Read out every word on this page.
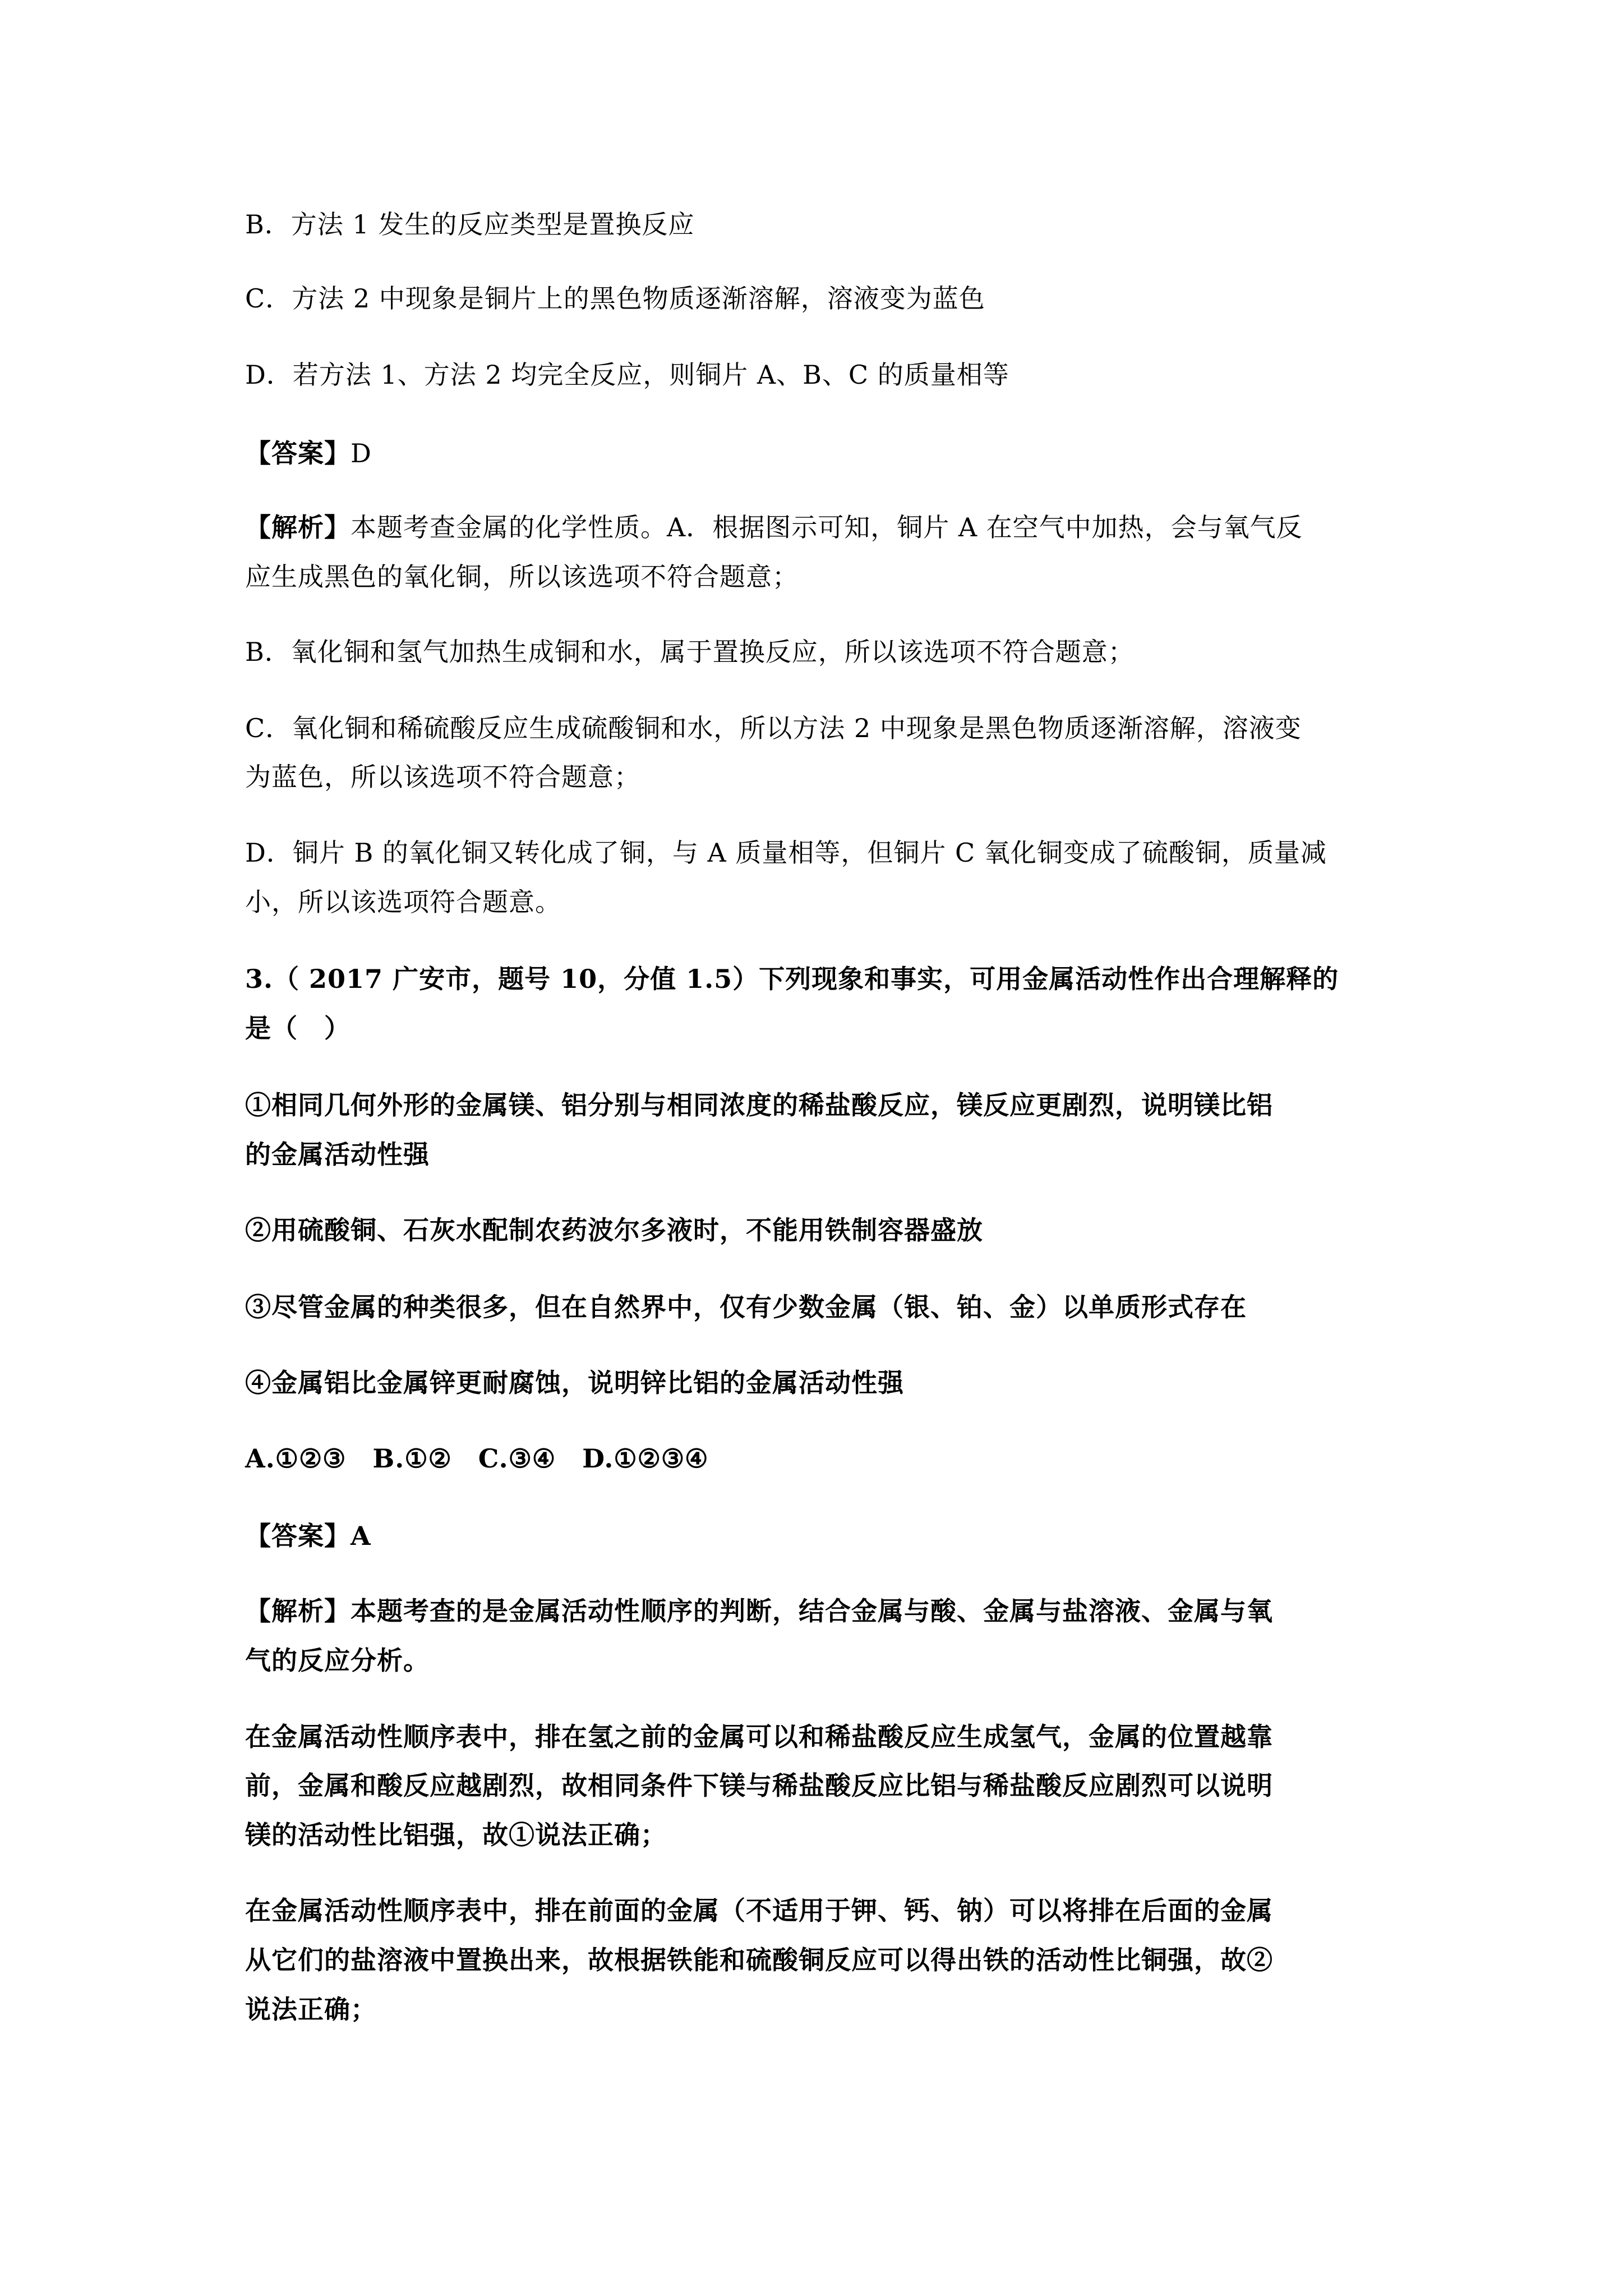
B．方法 1 发生的反应类型是置换反应
C．方法 2 中现象是铜片上的黑色物质逐渐溶解，溶液变为蓝色
D．若方法 1、方法 2 均完全反应，则铜片 A、B、C 的质量相等
【答案】D
【解析】本题考查金属的化学性质。A．根据图示可知，铜片 A 在空气中加热，会与氧气反
应生成黑色的氧化铜，所以该选项不符合题意；
B．氧化铜和氢气加热生成铜和水，属于置换反应，所以该选项不符合题意；
C．氧化铜和稀硫酸反应生成硫酸铜和水，所以方法 2 中现象是黑色物质逐渐溶解，溶液变
为蓝色，所以该选项不符合题意；
D．铜片 B 的氧化铜又转化成了铜，与 A 质量相等，但铜片 C 氧化铜变成了硫酸铜，质量减
小，所以该选项符合题意。
3.（ 2017 广安市，题号 10，分值 1.5）下列现象和事实，可用金属活动性作出合理解释的
是（　）
①相同几何外形的金属镁、铝分别与相同浓度的稀盐酸反应，镁反应更剧烈，说明镁比铝
的金属活动性强
②用硫酸铜、石灰水配制农药波尔多液时，不能用铁制容器盛放
③尽管金属的种类很多，但在自然界中，仅有少数金属（银、铂、金）以单质形式存在
④金属铝比金属锌更耐腐蚀，说明锌比铝的金属活动性强
A.①②③　B.①②　C.③④　D.①②③④
【答案】A
【解析】本题考查的是金属活动性顺序的判断，结合金属与酸、金属与盐溶液、金属与氧
气的反应分析。
在金属活动性顺序表中，排在氢之前的金属可以和稀盐酸反应生成氢气，金属的位置越靠
前，金属和酸反应越剧烈，故相同条件下镁与稀盐酸反应比铝与稀盐酸反应剧烈可以说明
镁的活动性比铝强，故①说法正确；
在金属活动性顺序表中，排在前面的金属（不适用于钾、钙、钠）可以将排在后面的金属
从它们的盐溶液中置换出来，故根据铁能和硫酸铜反应可以得出铁的活动性比铜强，故②
说法正确；
